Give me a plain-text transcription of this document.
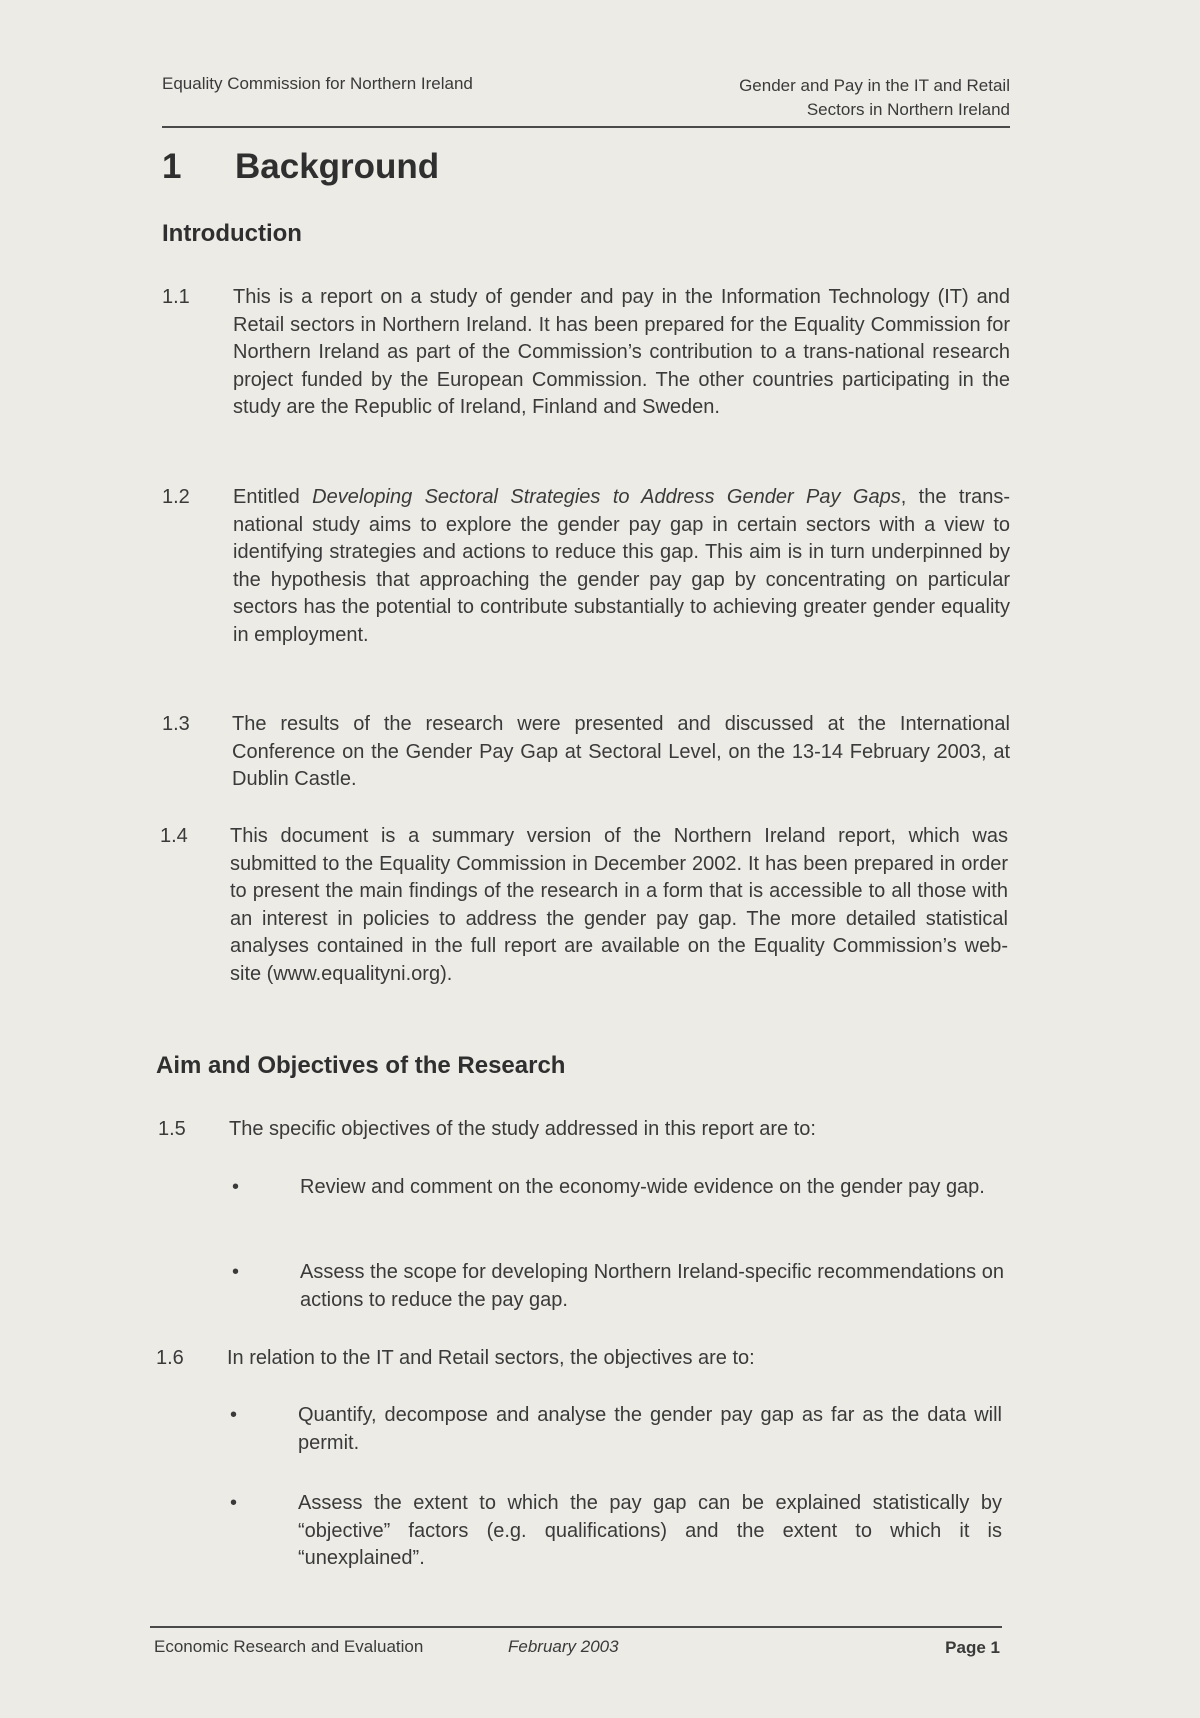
Equality Commission for Northern Ireland	Gender and Pay in the IT and Retail
Sectors in Northern Ireland
1 Background
Introduction
1.1 This is a report on a study of gender and pay in the Information Technology (IT) and Retail sectors in Northern Ireland. It has been prepared for the Equality Commission for Northern Ireland as part of the Commission’s contribution to a trans-national research project funded by the European Commission. The other countries participating in the study are the Republic of Ireland, Finland and Sweden.
1.2 Entitled Developing Sectoral Strategies to Address Gender Pay Gaps, the trans-national study aims to explore the gender pay gap in certain sectors with a view to identifying strategies and actions to reduce this gap. This aim is in turn underpinned by the hypothesis that approaching the gender pay gap by concentrating on particular sectors has the potential to contribute substantially to achieving greater gender equality in employment.
1.3 The results of the research were presented and discussed at the International Conference on the Gender Pay Gap at Sectoral Level, on the 13-14 February 2003, at Dublin Castle.
1.4 This document is a summary version of the Northern Ireland report, which was submitted to the Equality Commission in December 2002. It has been prepared in order to present the main findings of the research in a form that is accessible to all those with an interest in policies to address the gender pay gap. The more detailed statistical analyses contained in the full report are available on the Equality Commission’s web-site (www.equalityni.org).
Aim and Objectives of the Research
1.5 The specific objectives of the study addressed in this report are to:
•	Review and comment on the economy-wide evidence on the gender pay gap.
•	Assess the scope for developing Northern Ireland-specific recommendations on actions to reduce the pay gap.
1.6 In relation to the IT and Retail sectors, the objectives are to:
•	Quantify, decompose and analyse the gender pay gap as far as the data will permit.
•	Assess the extent to which the pay gap can be explained statistically by “objective” factors (e.g. qualifications) and the extent to which it is “unexplained”.
Economic Research and Evaluation	February 2003	Page 1
